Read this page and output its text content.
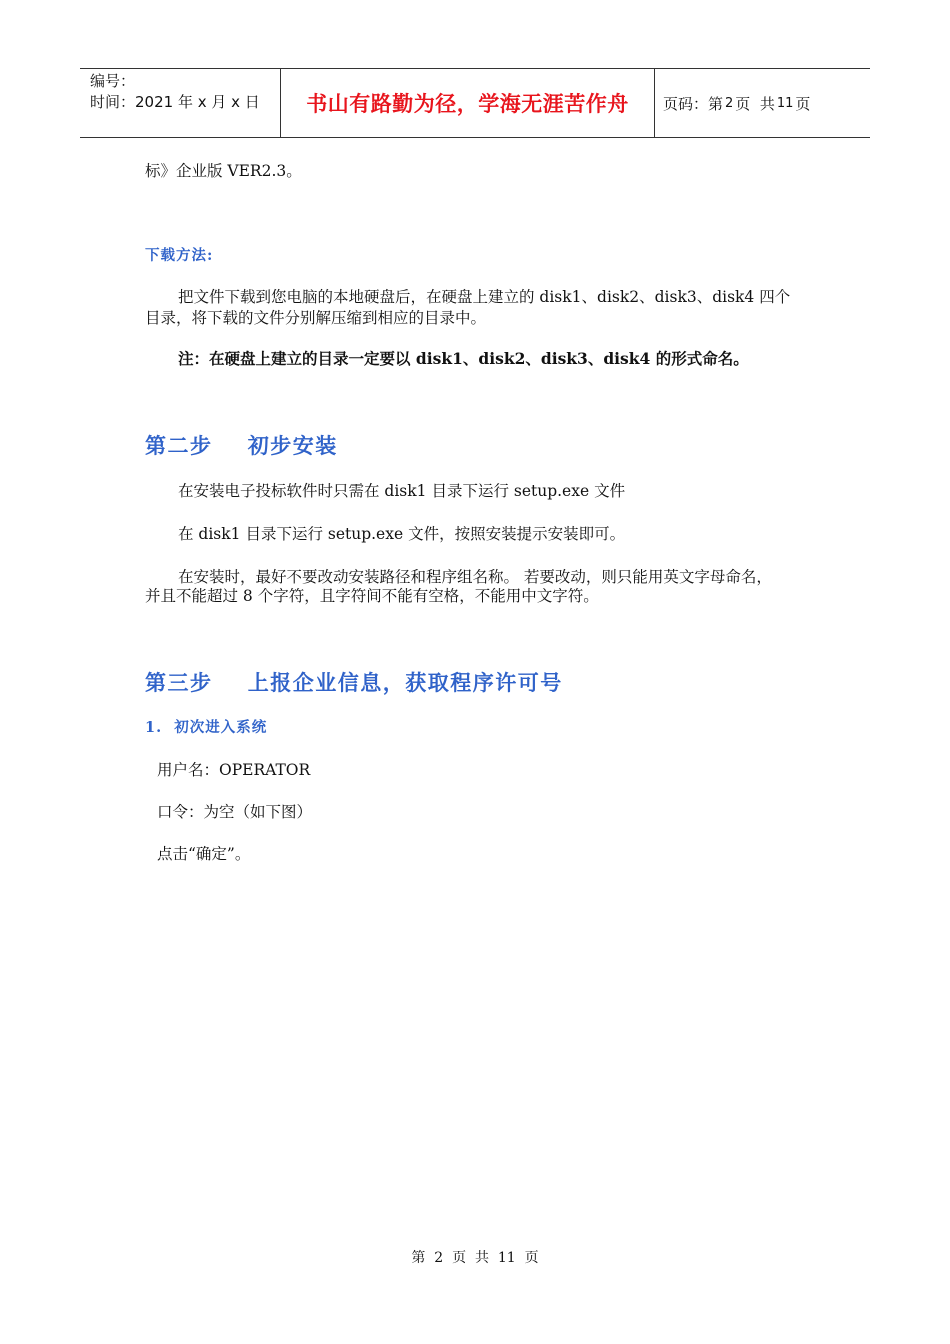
编号：
时间：2021 年 x 月 x 日	书山有路勤为径，学海无涯苦作舟 页码：第 2 页  共 11 页
标》企业版 VER2.3。
下载方法:
把文件下载到您电脑的本地硬盘后，在硬盘上建立的 disk1、disk2、disk3、disk4 四个
目录，将下载的文件分别解压缩到相应的目录中。
注：在硬盘上建立的目录一定要以 disk1、disk2、disk3、disk4 的形式命名。
第二步    初步安装
在安装电子投标软件时只需在 disk1 目录下运行 setup.exe 文件
在 disk1 目录下运行 setup.exe 文件，按照安装提示安装即可。
在安装时，最好不要改动安装路径和程序组名称。 若要改动，则只能用英文字母命名，
并且不能超过 8 个字符，且字符间不能有空格，不能用中文字符。
第三步    上报企业信息，获取程序许可号
1.  初次进入系统
用户名：OPERATOR
口令：为空（如下图）
点击“确定”。
第  2  页  共  11  页
